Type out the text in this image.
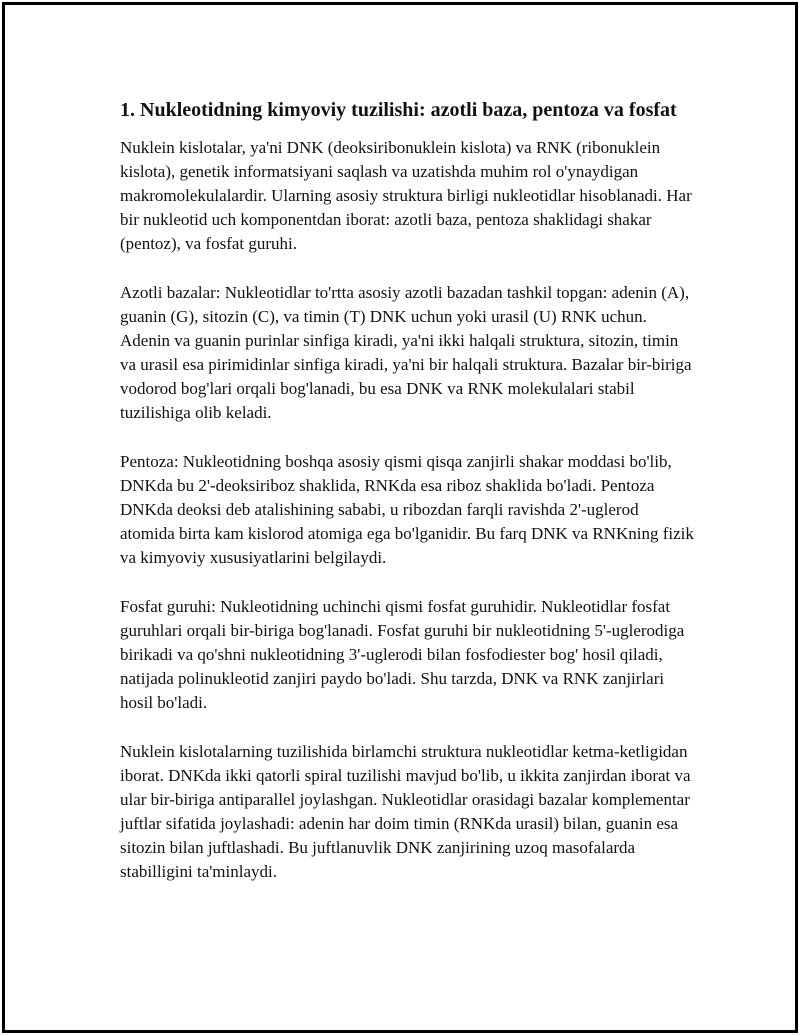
1. Nukleotidning kimyoviy tuzilishi: azotli baza, pentoza va fosfat

Nuklein kislotalar, ya'ni DNK (deoksiribonuklein kislota) va RNK (ribonuklein kislota), genetik informatsiyani saqlash va uzatishda muhim rol o'ynaydigan makromolekulalardir. Ularning asosiy struktura birligi nukleotidlar hisoblanadi. Har bir nukleotid uch komponentdan iborat: azotli baza, pentoza shaklidagi shakar (pentoz), va fosfat guruhi.

Azotli bazalar: Nukleotidlar to'rtta asosiy azotli bazadan tashkil topgan: adenin (A), guanin (G), sitozin (C), va timin (T) DNK uchun yoki urasil (U) RNK uchun. Adenin va guanin purinlar sinfiga kiradi, ya'ni ikki halqali struktura, sitozin, timin va urasil esa pirimidinlar sinfiga kiradi, ya'ni bir halqali struktura. Bazalar bir-biriga vodorod bog'lari orqali bog'lanadi, bu esa DNK va RNK molekulalari stabil tuzilishiga olib keladi.

Pentoza: Nukleotidning boshqa asosiy qismi qisqa zanjirli shakar moddasi bo'lib, DNKda bu 2'-deoksiriboz shaklida, RNKda esa riboz shaklida bo'ladi. Pentoza DNKda deoksi deb atalishining sababi, u ribozdan farqli ravishda 2'-uglerod atomida birta kam kislorod atomiga ega bo'lganidir. Bu farq DNK va RNKning fizik va kimyoviy xususiyatlarini belgilaydi.

Fosfat guruhi: Nukleotidning uchinchi qismi fosfat guruhidir. Nukleotidlar fosfat guruhlari orqali bir-biriga bog'lanadi. Fosfat guruhi bir nukleotidning 5'-uglerodiga birikadi va qo'shni nukleotidning 3'-uglerodi bilan fosfodiester bog' hosil qiladi, natijada polinukleotid zanjiri paydo bo'ladi. Shu tarzda, DNK va RNK zanjirlari hosil bo'ladi.

Nuklein kislotalarning tuzilishida birlamchi struktura nukleotidlar ketma-ketligidan iborat. DNKda ikki qatorli spiral tuzilishi mavjud bo'lib, u ikkita zanjirdan iborat va ular bir-biriga antiparallel joylashgan. Nukleotidlar orasidagi bazalar komplementar juftlar sifatida joylashadi: adenin har doim timin (RNKda urasil) bilan, guanin esa sitozin bilan juftlashadi. Bu juftlanuvlik DNK zanjirining uzoq masofalarda stabilligini ta'minlaydi.
